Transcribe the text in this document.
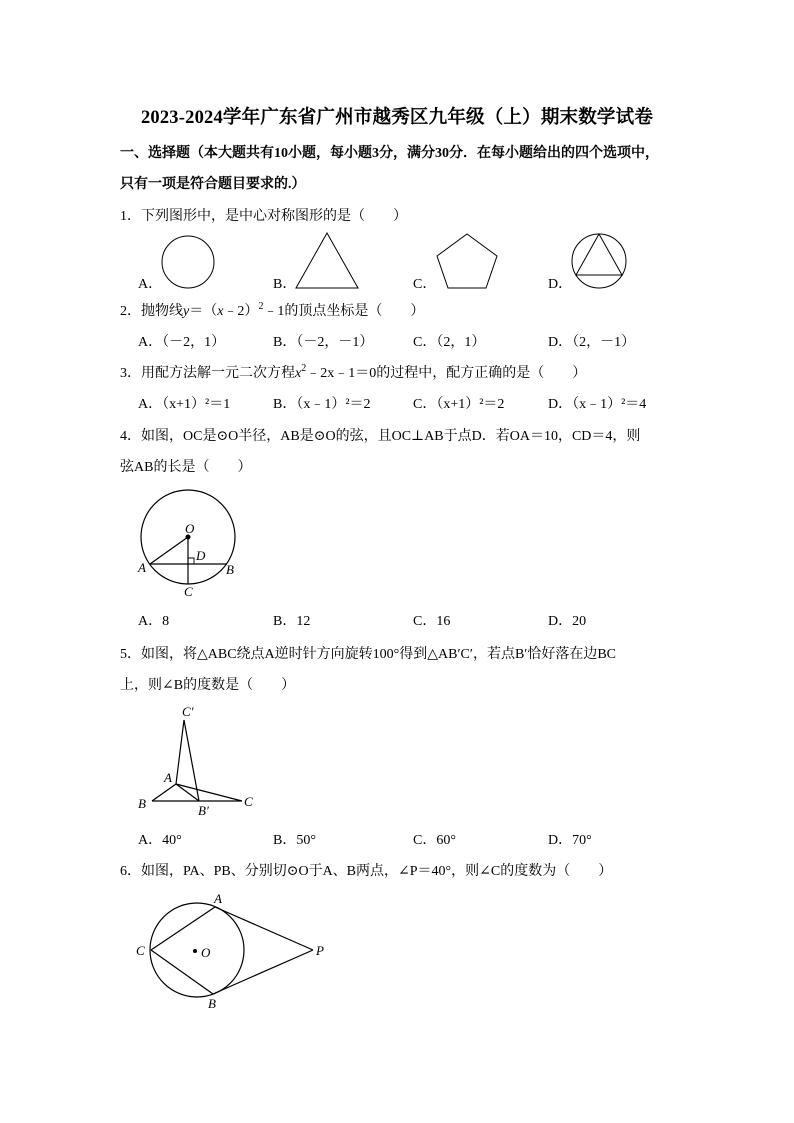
2023-2024学年广东省广州市越秀区九年级（上）期末数学试卷
一、选择题（本大题共有10小题，每小题3分，满分30分．在每小题给出的四个选项中，
只有一项是符合题目要求的.）
1．下列图形中，是中心对称图形的是（　　）
A．	B．	C．	D．
2．抛物线y＝（x﹣2）$^2$﹣1的顶点坐标是（　　）
A．（－2，1）	B．（－2，－1）	C．（2，1）	D．（2，－1）
3．用配方法解一元二次方程$x^2﹣2x﹣1=0$的过程中，配方正确的是（　　）
A．（x+1）²＝1	B．（x﹣1）²＝2	C．（x+1）²＝2	D．（x﹣1）²＝4
4．如图，OC是⊙O半径，AB是⊙O的弦，且OC⊥AB于点D．若OA＝10，CD＝4，则
弦AB的长是（　　）
O
D
A	B
C
A．8	B．12	C．16	D．20
5．如图，将△ABC绕点A逆时针方向旋转100°得到△AB′C′，若点B′恰好落在边BC
上，则∠B的度数是（　　）
C′
A
B	B′
C
A．40°	B．50°	C．60°	D．70°
6．如图，PA、PB、分别切⊙O于A、B两点，∠P＝40°，则∠C的度数为（　　）
A
B
C	O	P
